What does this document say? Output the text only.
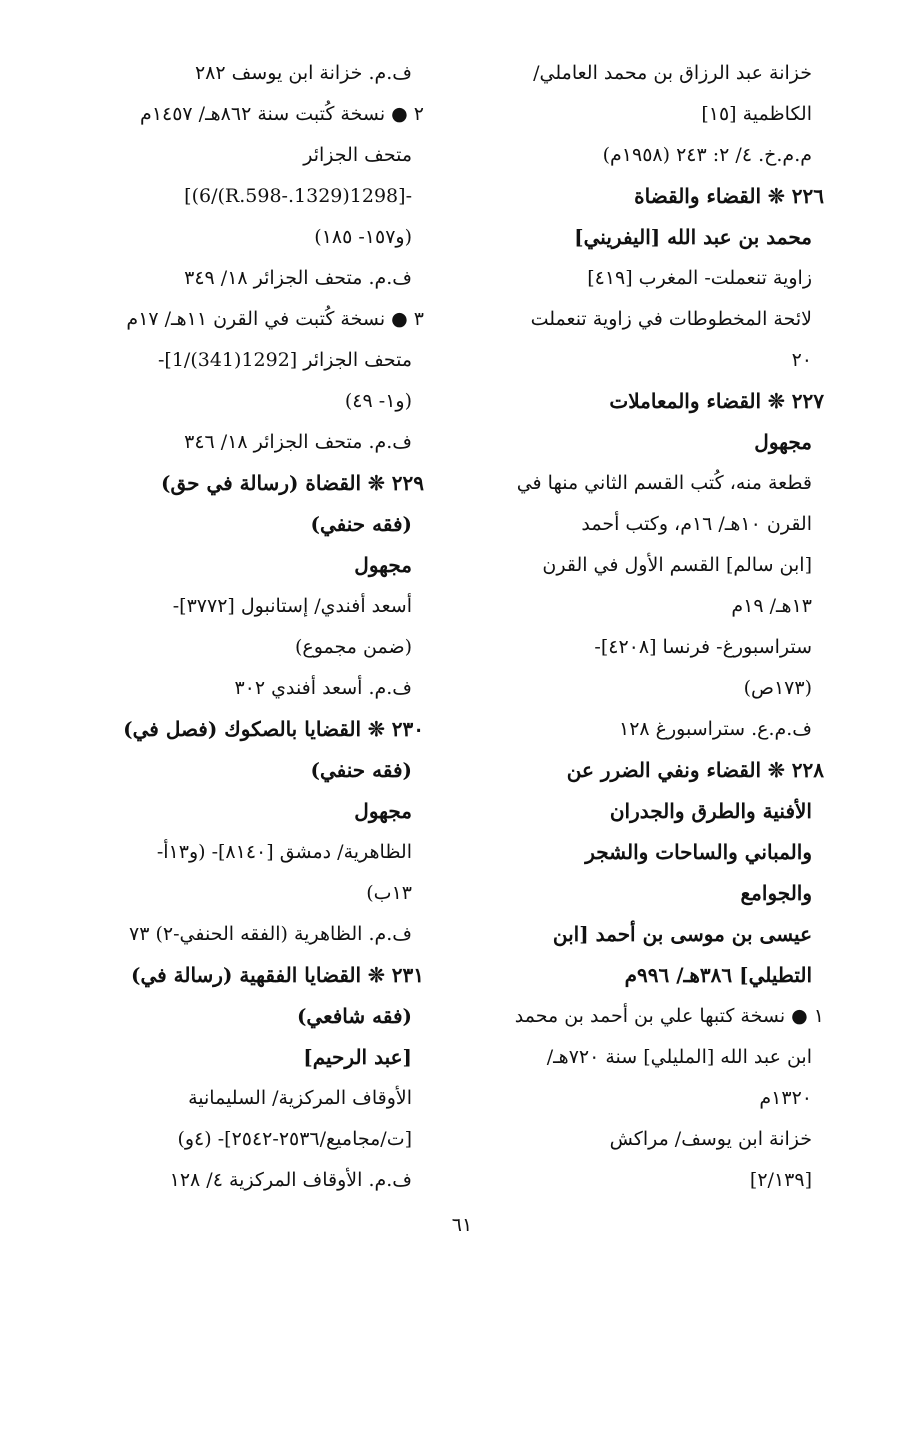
خزانة عبد الرزاق بن محمد العاملي/
الكاظمية [١٥]
م.م.خ. ٤/ ٢: ٢٤٣ (١٩٥٨م)
٢٢٦ ❊ القضاء والقضاة
محمد بن عبد الله [اليفريني]
زاوية تنعملت- المغرب [٤١٩]
لائحة المخطوطات في زاوية تنعملت
٢٠
٢٢٧ ❊ القضاء والمعاملات
مجهول
قطعة منه، كُتب القسم الثاني منها في
القرن ١٠هـ/ ١٦م، وكتب أحمد
[ابن سالم] القسم الأول في القرن
١٣هـ/ ١٩م
ستراسبورغ- فرنسا [٤٢٠٨]-
(١٧٣ص)
ف.م.ع. ستراسبورغ ١٢٨
٢٢٨ ❊ القضاء ونفي الضرر عن
الأفنية والطرق والجدران
والمباني والساحات والشجر
والجوامع
عيسى بن موسى بن أحمد [ابن
التطيلي] ٣٨٦هـ/ ٩٩٦م
١ ● نسخة كتبها علي بن أحمد بن محمد
ابن عبد الله [المليلي] سنة ٧٢٠هـ/
١٣٢٠م
خزانة ابن يوسف/ مراكش
[٢/١٣٩]
ف.م. خزانة ابن يوسف ٢٨٢
٢ ● نسخة كُتبت سنة ٨٦٢هـ/ ١٤٥٧م
متحف الجزائر
-[1298(1329.-R.598)/6)]
(و١٥٧- ١٨٥)
ف.م. متحف الجزائر ١٨/ ٣٤٩
٣ ● نسخة كُتبت في القرن ١١هـ/ ١٧م
متحف الجزائر [1292(341)/1]-
(و١- ٤٩)
ف.م. متحف الجزائر ١٨/ ٣٤٦
٢٢٩ ❊ القضاة (رسالة في حق)
(فقه حنفي)
مجهول
أسعد أفندي/ إستانبول [٣٧٧٢]-
(ضمن مجموع)
ف.م. أسعد أفندي ٣٠٢
٢٣٠ ❊ القضايا بالصكوك (فصل في)
(فقه حنفي)
مجهول
الظاهرية/ دمشق [٨١٤٠]- (و١٣أ-
١٣ب)
ف.م. الظاهرية (الفقه الحنفي-٢) ٧٣
٢٣١ ❊ القضايا الفقهية (رسالة في)
(فقه شافعي)
[عبد الرحيم]
الأوقاف المركزية/ السليمانية
[ت/مجاميع/٢٥٣٦-٢٥٤٢]- (٤و)
ف.م. الأوقاف المركزية ٤/ ١٢٨
٦١
